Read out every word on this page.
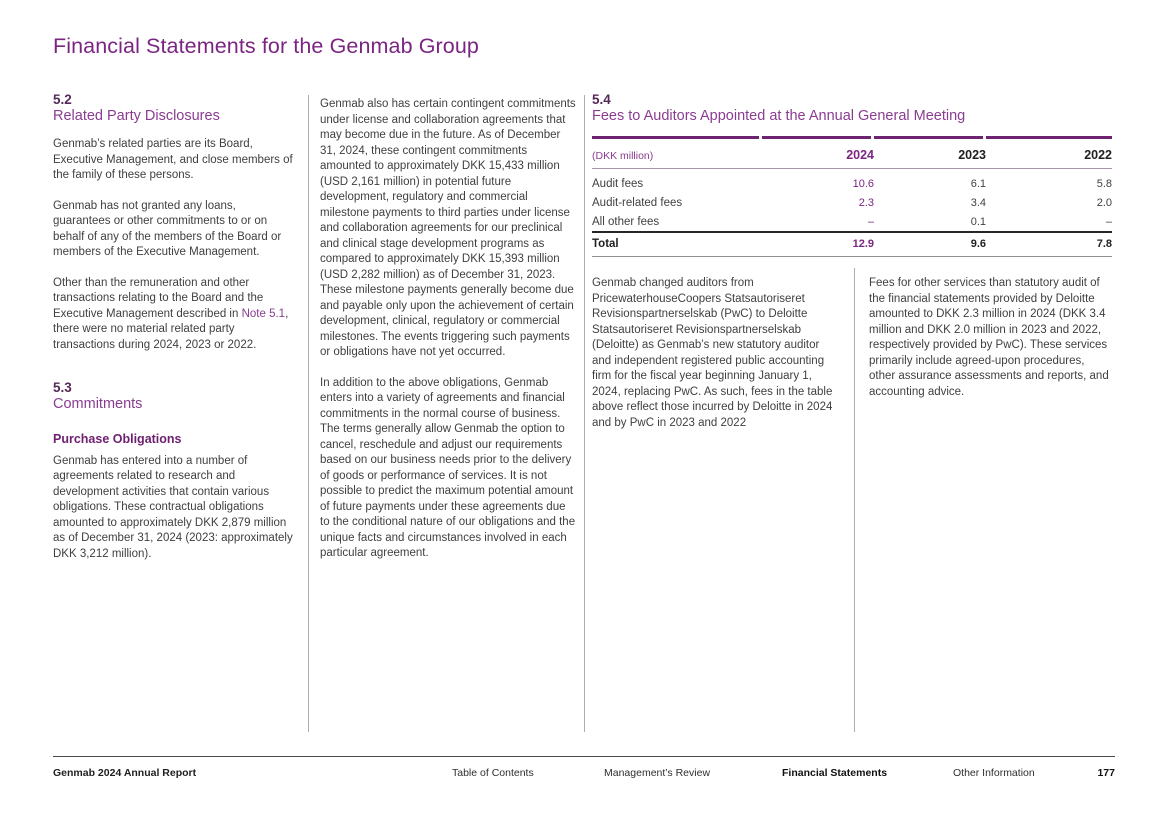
Financial Statements for the Genmab Group
5.2
Related Party Disclosures

Genmab’s related parties are its Board, Executive Management, and close members of the family of these persons.

Genmab has not granted any loans, guarantees or other commitments to or on behalf of any of the members of the Board or members of the Executive Management.

Other than the remuneration and other transactions relating to the Board and the Executive Management described in Note 5.1, there were no material related party transactions during 2024, 2023 or 2022.

5.3
Commitments
Purchase Obligations

Genmab has entered into a number of agreements related to research and development activities that contain various obligations. These contractual obligations amounted to approximately DKK 2,879 million as of December 31, 2024 (2023: approximately DKK 3,212 million).

Genmab also has certain contingent commitments under license and collaboration agreements that may become due in the future. As of December 31, 2024, these contingent commitments amounted to approximately DKK 15,433 million (USD 2,161 million) in potential future development, regulatory and commercial milestone payments to third parties under license and collaboration agreements for our preclinical and clinical stage development programs as compared to approximately DKK 15,393 million (USD 2,282 million) as of December 31, 2023. These milestone payments generally become due and payable only upon the achievement of certain development, clinical, regulatory or commercial milestones. The events triggering such payments or obligations have not yet occurred.

In addition to the above obligations, Genmab enters into a variety of agreements and financial commitments in the normal course of business. The terms generally allow Genmab the option to cancel, reschedule and adjust our requirements based on our business needs prior to the delivery of goods or performance of services. It is not possible to predict the maximum potential amount of future payments under these agreements due to the conditional nature of our obligations and the unique facts and circumstances involved in each particular agreement.

5.4
Fees to Auditors Appointed at the Annual General Meeting
(DKK million)	2024	2023	2022
Audit fees	10.6	6.1	5.8
Audit-related fees	2.3	3.4	2.0
All other fees	–	0.1	–
Total	12.9	9.6	7.8
Genmab changed auditors from PricewaterhouseCoopers Statsautoriseret Revisionspartnerselskab (PwC) to Deloitte Statsautoriseret Revisionspartnerselskab (Deloitte) as Genmab’s new statutory auditor and independent registered public accounting firm for the fiscal year beginning January 1, 2024, replacing PwC. As such, fees in the table above reflect those incurred by Deloitte in 2024 and by PwC in 2023 and 2022
Fees for other services than statutory audit of the financial statements provided by Deloitte amounted to DKK 2.3 million in 2024 (DKK 3.4 million and DKK 2.0 million in 2023 and 2022, respectively provided by PwC). These services primarily include agreed-upon procedures, other assurance assessments and reports, and accounting advice.
Genmab 2024 Annual Report	Table of Contents	Management’s Review	Financial Statements	Other Information	177
